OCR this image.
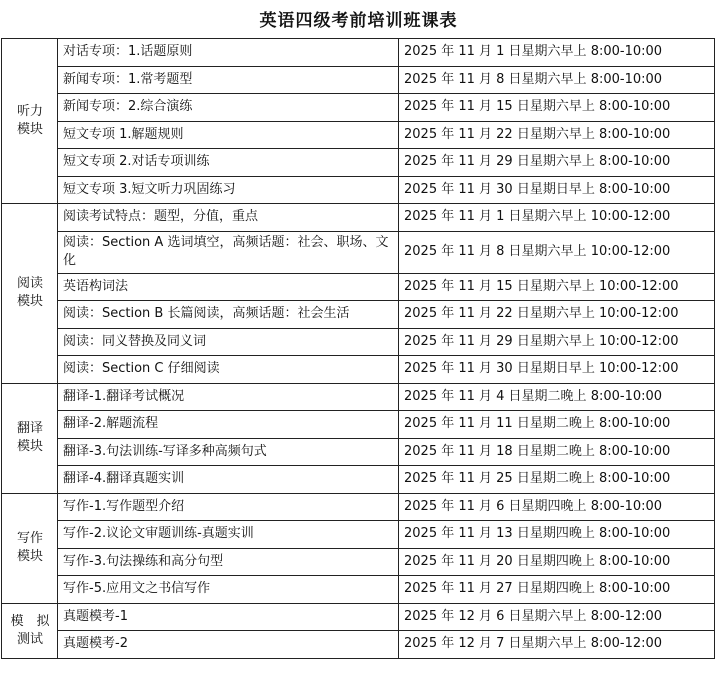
英语四级考前培训班课表
听力
模块	对话专项：1.话题原则	2025 年 11 月 1 日星期六早上 8:00-10:00

	新闻专项：1.常考题型	2025 年 11 月 8 日星期六早上 8:00-10:00

	新闻专项：2.综合演练	2025 年 11 月 15 日星期六早上 8:00-10:00

	短文专项 1.解题规则	2025 年 11 月 22 日星期六早上 8:00-10:00

	短文专项 2.对话专项训练	2025 年 11 月 29 日星期六早上 8:00-10:00

	短文专项 3.短文听力巩固练习	2025 年 11 月 30 日星期日早上 8:00-10:00

阅读
模块	阅读考试特点：题型，分值，重点	2025 年 11 月 1 日星期六早上 10:00-12:00

	阅读：Section A 选词填空，高频话题：社会、职场、文化	2025 年 11 月 8 日星期六早上 10:00-12:00

	英语构词法	2025 年 11 月 15 日星期六早上 10:00-12:00

	阅读：Section B 长篇阅读，高频话题：社会生活	2025 年 11 月 22 日星期六早上 10:00-12:00

	阅读：同义替换及同义词	2025 年 11 月 29 日星期六早上 10:00-12:00

	阅读：Section C 仔细阅读	2025 年 11 月 30 日星期日早上 10:00-12:00

翻译
模块	翻译-1.翻译考试概况	2025 年 11 月 4 日星期二晚上 8:00-10:00

	翻译-2.解题流程	2025 年 11 月 11 日星期二晚上 8:00-10:00

	翻译-3.句法训练-写译多种高频句式	2025 年 11 月 18 日星期二晚上 8:00-10:00

	翻译-4.翻译真题实训	2025 年 11 月 25 日星期二晚上 8:00-10:00

写作
模块	写作-1.写作题型介绍	2025 年 11 月 6 日星期四晚上 8:00-10:00

	写作-2.议论文审题训练-真题实训	2025 年 11 月 13 日星期四晚上 8:00-10:00

	写作-3.句法操练和高分句型	2025 年 11 月 20 日星期四晚上 8:00-10:00

	写作-5.应用文之书信写作	2025 年 11 月 27 日星期四晚上 8:00-10:00

模　拟
测试	真题模考-1	2025 年 12 月 6 日星期六早上 8:00-12:00

	真题模考-2	2025 年 12 月 7 日星期六早上 8:00-12:00
